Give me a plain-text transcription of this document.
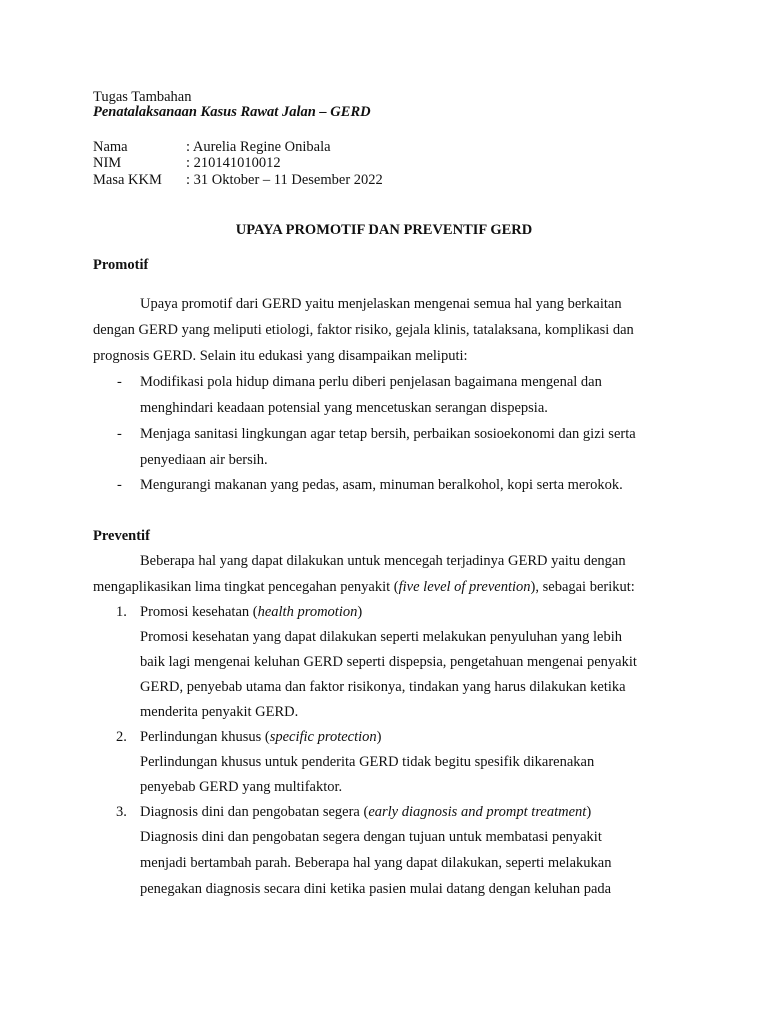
Tugas Tambahan
Penatalaksanaan Kasus Rawat Jalan – GERD
Nama	: Aurelia Regine Onibala
NIM	: 210141010012
Masa KKM : 31 Oktober – 11 Desember 2022
UPAYA PROMOTIF DAN PREVENTIF GERD
Promotif
Upaya promotif dari GERD yaitu menjelaskan mengenai semua hal yang berkaitan
dengan GERD yang meliputi etiologi, faktor risiko, gejala klinis, tatalaksana, komplikasi dan
prognosis GERD. Selain itu edukasi yang disampaikan meliputi:
- Modifikasi pola hidup dimana perlu diberi penjelasan bagaimana mengenal dan
menghindari keadaan potensial yang mencetuskan serangan dispepsia.
- Menjaga sanitasi lingkungan agar tetap bersih, perbaikan sosioekonomi dan gizi serta
penyediaan air bersih.
- Mengurangi makanan yang pedas, asam, minuman beralkohol, kopi serta merokok.
Preventif
Beberapa hal yang dapat dilakukan untuk mencegah terjadinya GERD yaitu dengan
mengaplikasikan lima tingkat pencegahan penyakit (five level of prevention), sebagai berikut:
1. Promosi kesehatan (health promotion)
Promosi kesehatan yang dapat dilakukan seperti melakukan penyuluhan yang lebih
baik lagi mengenai keluhan GERD seperti dispepsia, pengetahuan mengenai penyakit
GERD, penyebab utama dan faktor risikonya, tindakan yang harus dilakukan ketika
menderita penyakit GERD.
2. Perlindungan khusus (specific protection)
Perlindungan khusus untuk penderita GERD tidak begitu spesifik dikarenakan
penyebab GERD yang multifaktor.
3. Diagnosis dini dan pengobatan segera (early diagnosis and prompt treatment)
Diagnosis dini dan pengobatan segera dengan tujuan untuk membatasi penyakit
menjadi bertambah parah. Beberapa hal yang dapat dilakukan, seperti melakukan
penegakan diagnosis secara dini ketika pasien mulai datang dengan keluhan pada
